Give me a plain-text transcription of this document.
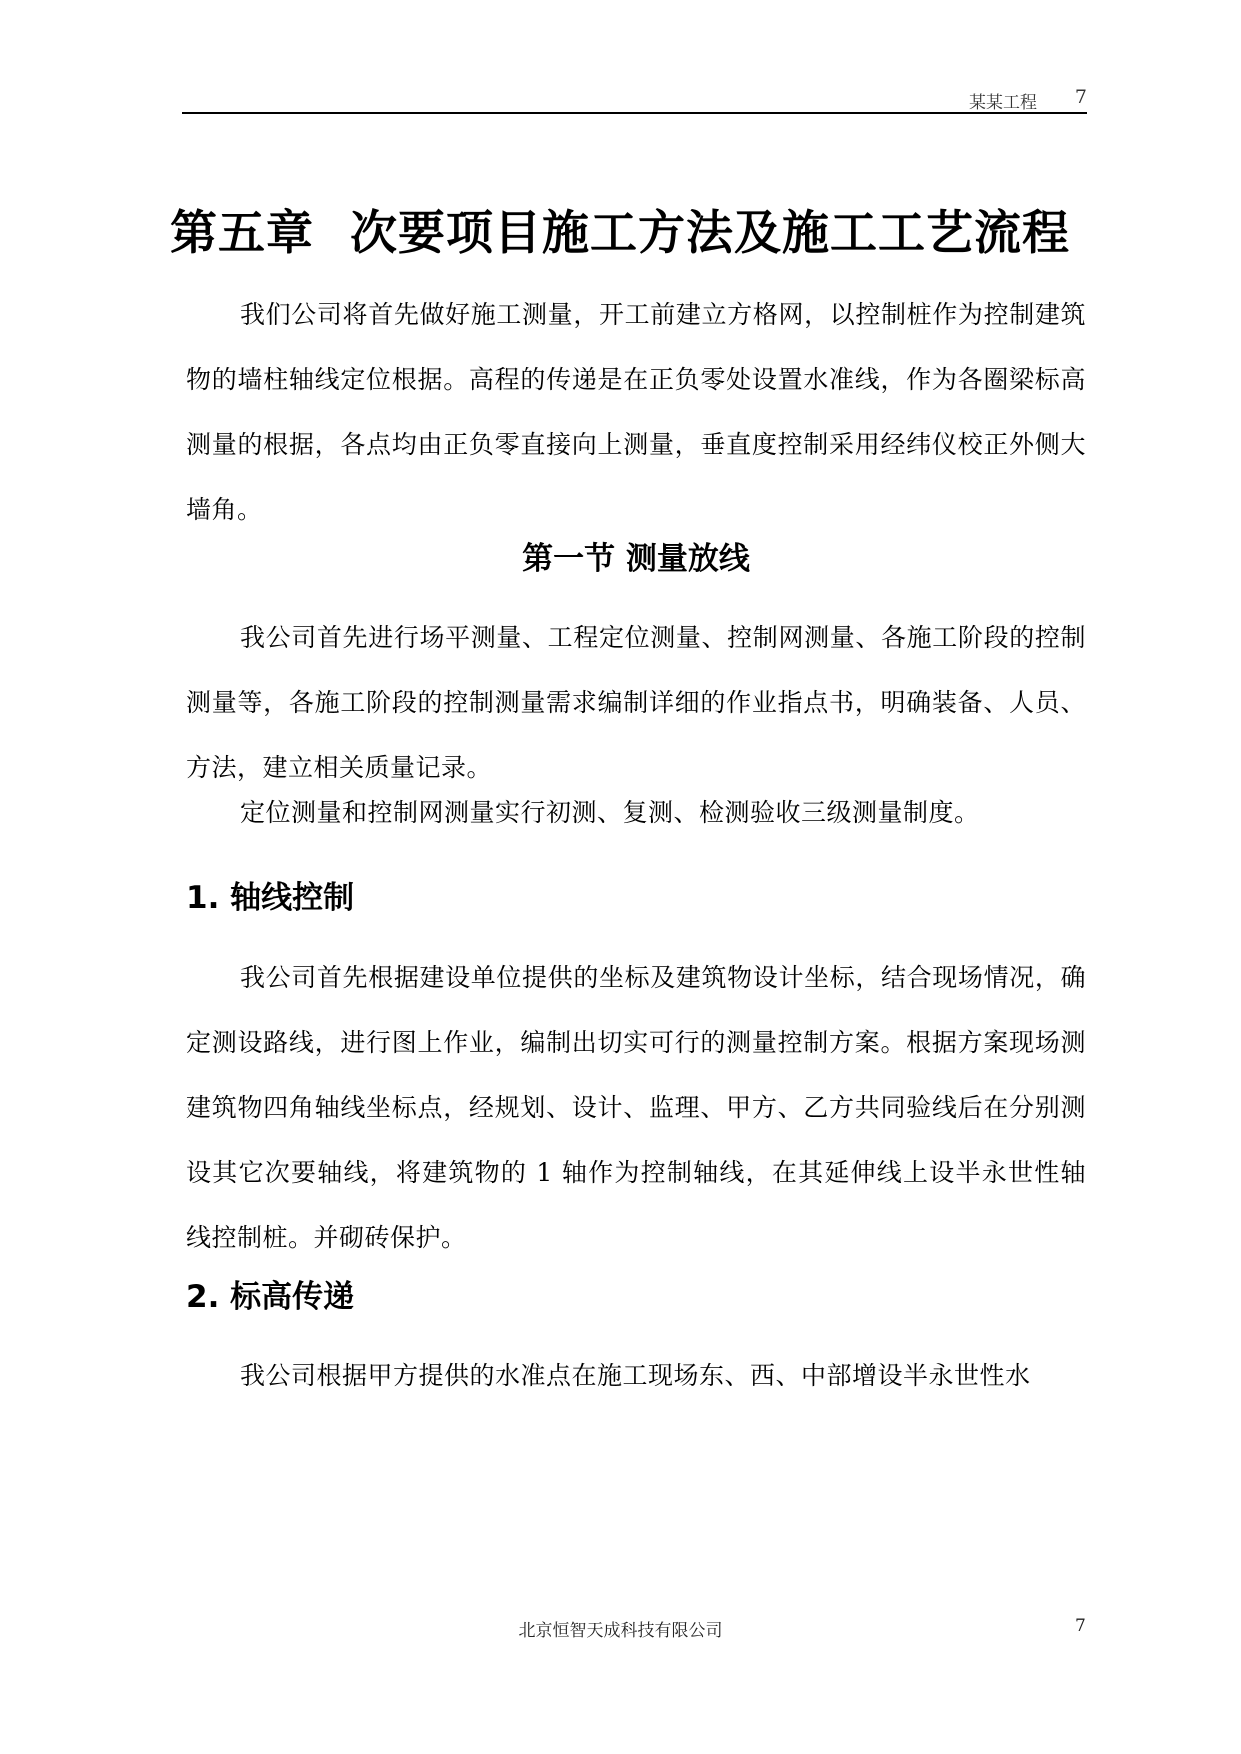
某某工程 7
第五章 次要项目施工方法及施工工艺流程
我们公司将首先做好施工测量，开工前建立方格网，以控制桩作为控制建筑物的墙柱轴线定位根据。高程的传递是在正负零处设置水准线，作为各圈梁标高测量的根据，各点均由正负零直接向上测量，垂直度控制采用经纬仪校正外侧大墙角。
第一节 测量放线
我公司首先进行场平测量、工程定位测量、控制网测量、各施工阶段的控制测量等，各施工阶段的控制测量需求编制详细的作业指点书，明确装备、人员、方法，建立相关质量记录。
定位测量和控制网测量实行初测、复测、检测验收三级测量制度。
1. 轴线控制
我公司首先根据建设单位提供的坐标及建筑物设计坐标，结合现场情况，确定测设路线，进行图上作业，编制出切实可行的测量控制方案。根据方案现场测建筑物四角轴线坐标点，经规划、设计、监理、甲方、乙方共同验线后在分别测设其它次要轴线，将建筑物的 1 轴作为控制轴线，在其延伸线上设半永世性轴线控制桩。并砌砖保护。
2. 标高传递
我公司根据甲方提供的水准点在施工现场东、西、中部增设半永世性水
北京恒智天成科技有限公司	7
